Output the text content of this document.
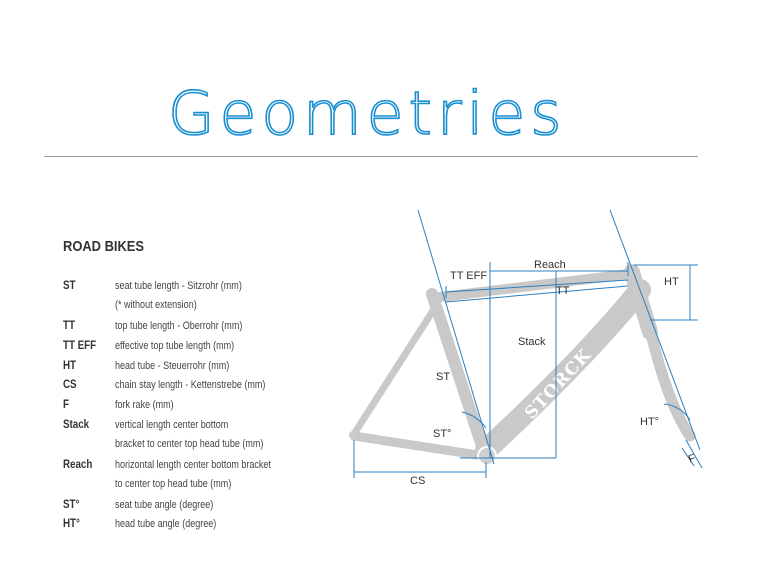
Geometries
ROAD BIKES
ST	seat tube length - Sitzrohr (mm)
(* without extension)
TT	top tube length - Oberrohr (mm)
TT EFF effective top tube length (mm)
HT	head tube - Steuerrohr (mm)
CS	chain stay length - Kettenstrebe (mm)
F	fork rake (mm)
Stack vertical length center bottom
bracket to center top head tube (mm)
Reach horizontal length center bottom bracket
to center top head tube (mm)
ST°	seat tube angle (degree)
HT°	head tube angle (degree)
STORCK
Reach
TT EFF
TT
HT
Stack
ST
ST°
HT°
CS
F
